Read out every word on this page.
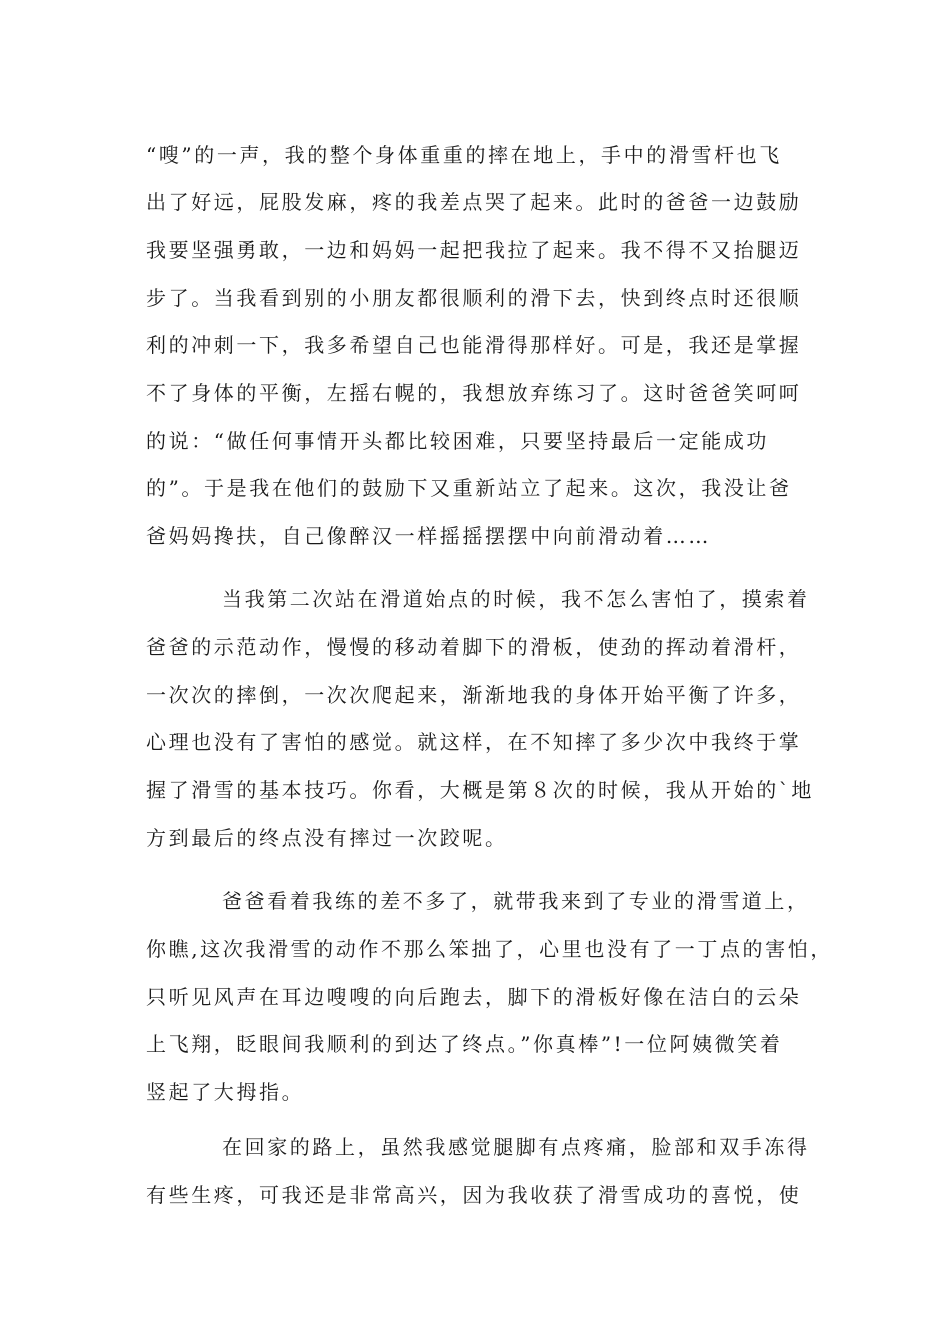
“嗖”的一声，我的整个身体重重的摔在地上，手中的滑雪杆也飞
出了好远，屁股发麻，疼的我差点哭了起来。此时的爸爸一边鼓励
我要坚强勇敢，一边和妈妈一起把我拉了起来。我不得不又抬腿迈
步了。当我看到别的小朋友都很顺利的滑下去，快到终点时还很顺
利的冲刺一下，我多希望自己也能滑得那样好。可是，我还是掌握
不了身体的平衡，左摇右幌的，我想放弃练习了。这时爸爸笑呵呵
的说：“做任何事情开头都比较困难，只要坚持最后一定能成功
的”。于是我在他们的鼓励下又重新站立了起来。这次，我没让爸
爸妈妈搀扶，自己像醉汉一样摇摇摆摆中向前滑动着……
当我第二次站在滑道始点的时候，我不怎么害怕了，摸索着
爸爸的示范动作，慢慢的移动着脚下的滑板，使劲的挥动着滑杆，
一次次的摔倒，一次次爬起来，渐渐地我的身体开始平衡了许多，
心理也没有了害怕的感觉。就这样，在不知摔了多少次中我终于掌
握了滑雪的基本技巧。你看，大概是第８次的时候，我从开始的`地
方到最后的终点没有摔过一次跤呢。
爸爸看着我练的差不多了，就带我来到了专业的滑雪道上，
你瞧,这次我滑雪的动作不那么笨拙了，心里也没有了一丁点的害怕，
只听见风声在耳边嗖嗖的向后跑去，脚下的滑板好像在洁白的云朵
上飞翔，眨眼间我顺利的到达了终点。”你真棒”!一位阿姨微笑着
竖起了大拇指。
在回家的路上，虽然我感觉腿脚有点疼痛，脸部和双手冻得
有些生疼，可我还是非常高兴，因为我收获了滑雪成功的喜悦，使
